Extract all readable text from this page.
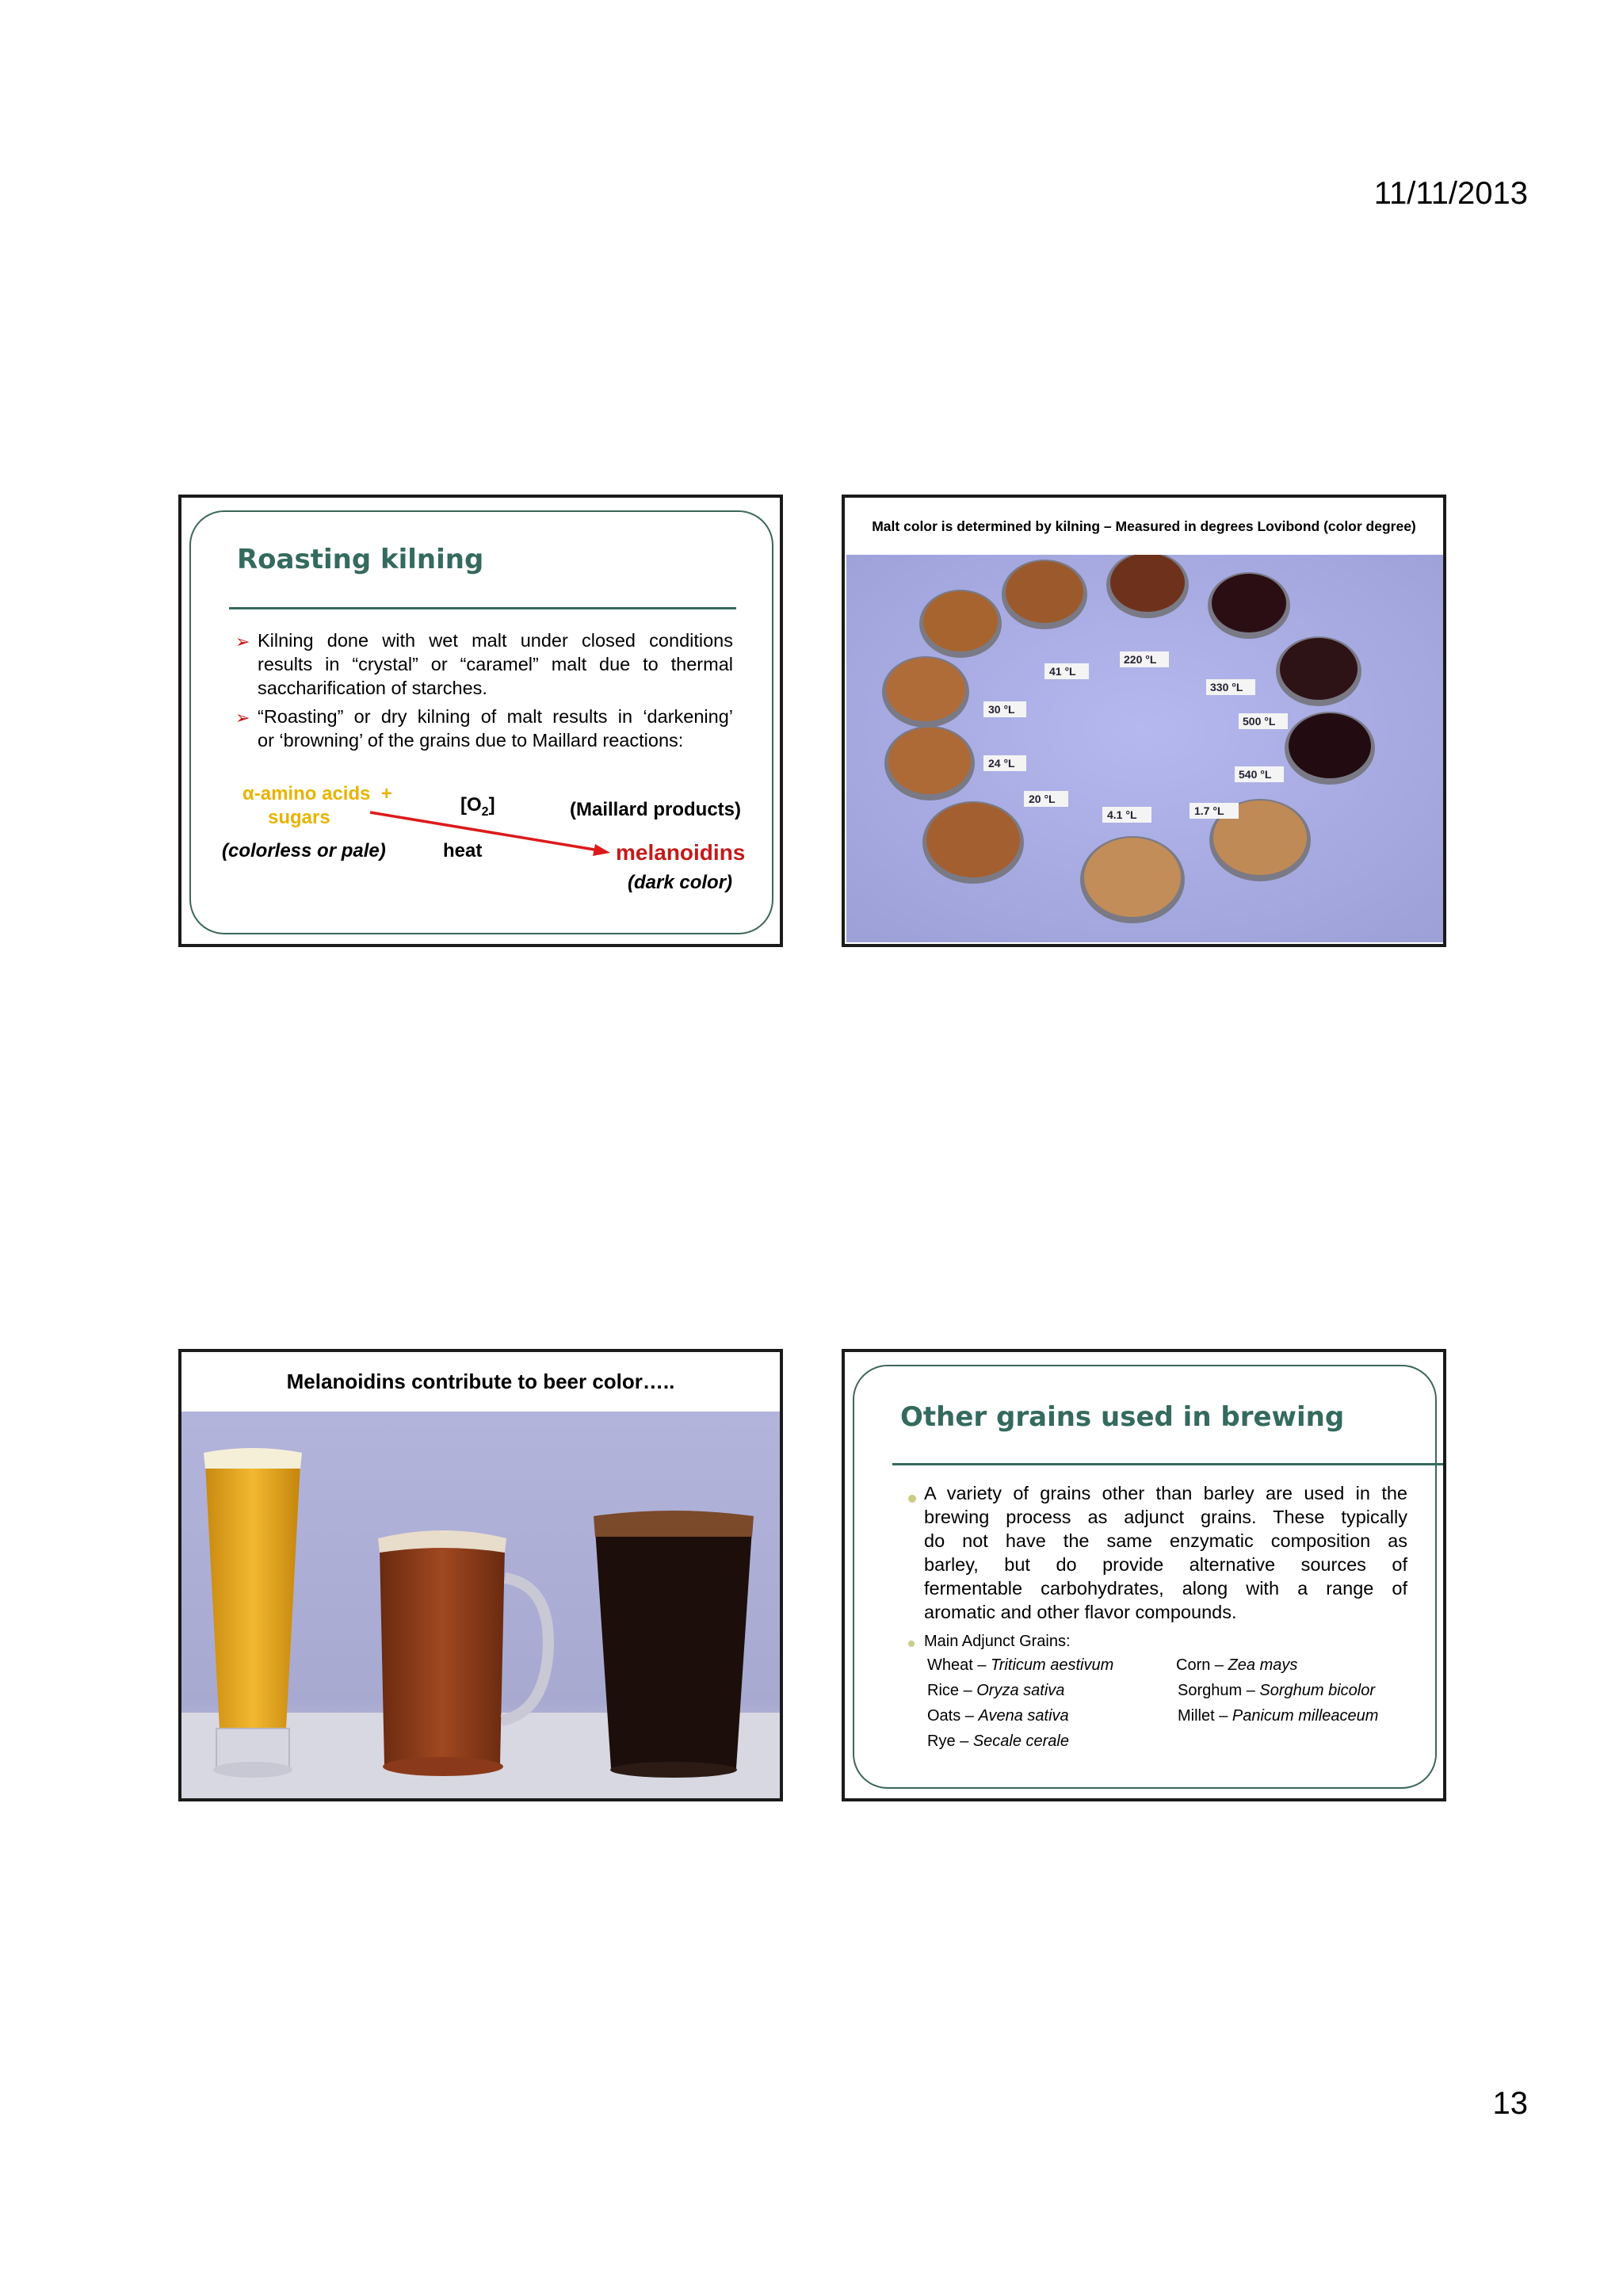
11/11/2013
13
Roasting kilning
➢ Kilning done with wet malt under closed conditions
results in “crystal” or “caramel” malt due to thermal
saccharification of starches.
➢ “Roasting” or dry kilning of malt results in ‘darkening’
or ‘browning’ of the grains due to Maillard reactions:
α-amino acids  +
sugars
(colorless or pale)
$[O_2]$
heat
(Maillard products)
melanoidins
(dark color)
Malt color is determined by kilning – Measured in degrees Lovibond (color degree)
41 °L
220 °L
330 °L
500 °L
540 °L
30 °L
24 °L
20 °L
4.1 °L	1.7 °L
Melanoidins contribute to beer color…..
Other grains used in brewing
A variety of grains other than barley are used in the
brewing process as adjunct grains. These typically
do not have the same enzymatic composition as
barley, but do provide alternative sources of
fermentable carbohydrates, along with a range of
aromatic and other flavor compounds.
Main Adjunct Grains:
Wheat – Triticum aestivum
Rice – Oryza sativa
Oats – Avena sativa
Rye – Secale cerale
Corn – Zea mays
Sorghum – Sorghum bicolor
Millet – Panicum milleaceum
